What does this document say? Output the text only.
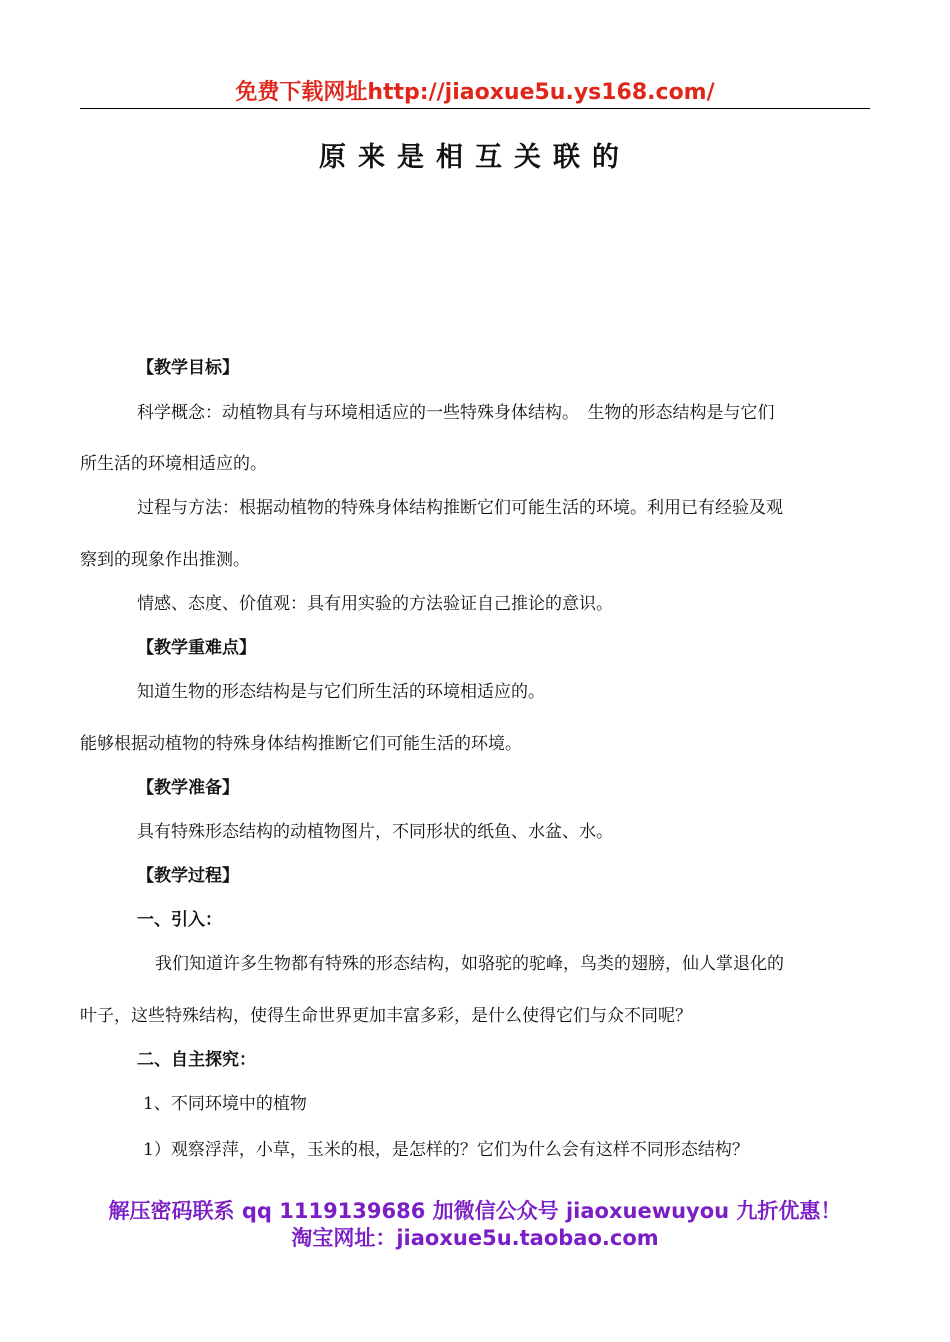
免费下载网址http://jiaoxue5u.ys168.com/
原来是相互关联的
【教学目标】
科学概念：动植物具有与环境相适应的一些特殊身体结构。　生物的形态结构是与它们
所生活的环境相适应的。
过程与方法：根据动植物的特殊身体结构推断它们可能生活的环境。利用已有经验及观
察到的现象作出推测。
情感、态度、价值观：具有用实验的方法验证自己推论的意识。
【教学重难点】
知道生物的形态结构是与它们所生活的环境相适应的。
能够根据动植物的特殊身体结构推断它们可能生活的环境。
【教学准备】
具有特殊形态结构的动植物图片，不同形状的纸鱼、水盆、水。
【教学过程】
一、引入：
我们知道许多生物都有特殊的形态结构，如骆驼的驼峰，鸟类的翅膀，仙人掌退化的
叶子，这些特殊结构，使得生命世界更加丰富多彩，是什么使得它们与众不同呢？
二、自主探究：
1、不同环境中的植物
1）观察浮萍，小草，玉米的根，是怎样的？它们为什么会有这样不同形态结构？
解压密码联系 qq 1119139686 加微信公众号 jiaoxuewuyou 九折优惠！
淘宝网址：jiaoxue5u.taobao.com
